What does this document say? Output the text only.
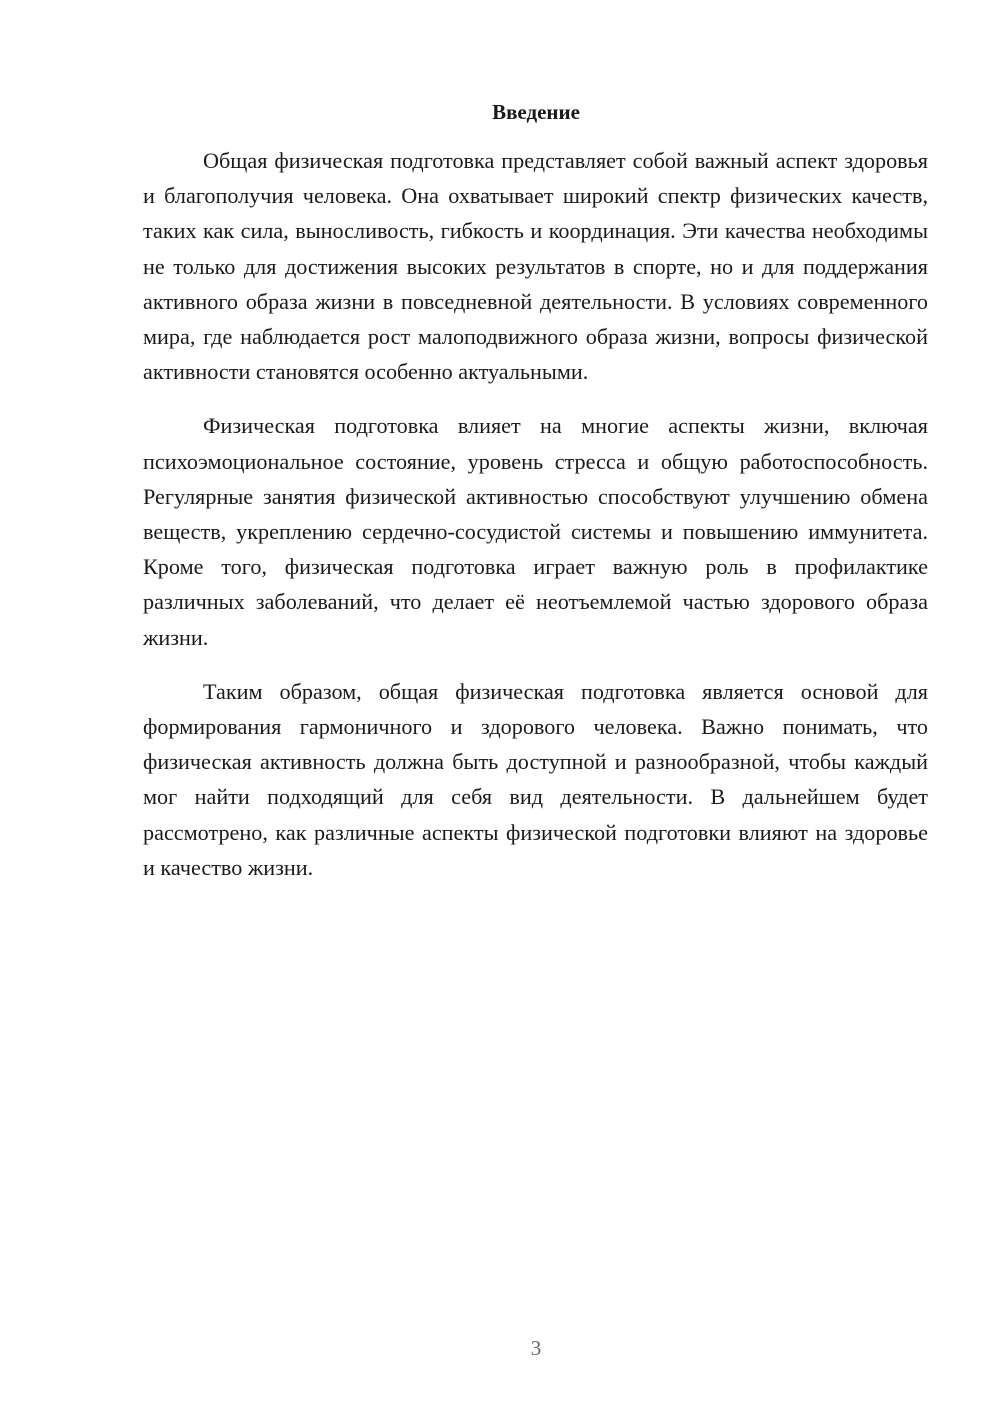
Введение

Общая физическая подготовка представляет собой важный аспект здоровья и благополучия человека. Она охватывает широкий спектр физических качеств, таких как сила, выносливость, гибкость и координация. Эти качества необходимы не только для достижения высоких результатов в спорте, но и для поддержания активного образа жизни в повседневной деятельности. В условиях современного мира, где наблюдается рост малоподвижного образа жизни, вопросы физической активности становятся особенно актуальными.

Физическая подготовка влияет на многие аспекты жизни, включая психоэмоциональное состояние, уровень стресса и общую работоспособность. Регулярные занятия физической активностью способствуют улучшению обмена веществ, укреплению сердечно-сосудистой системы и повышению иммунитета. Кроме того, физическая подготовка играет важную роль в профилактике различных заболеваний, что делает её неотъемлемой частью здорового образа жизни.

Таким образом, общая физическая подготовка является основой для формирования гармоничного и здорового человека. Важно понимать, что физическая активность должна быть доступной и разнообразной, чтобы каждый мог найти подходящий для себя вид деятельности. В дальнейшем будет рассмотрено, как различные аспекты физической подготовки влияют на здоровье и качество жизни.

3
